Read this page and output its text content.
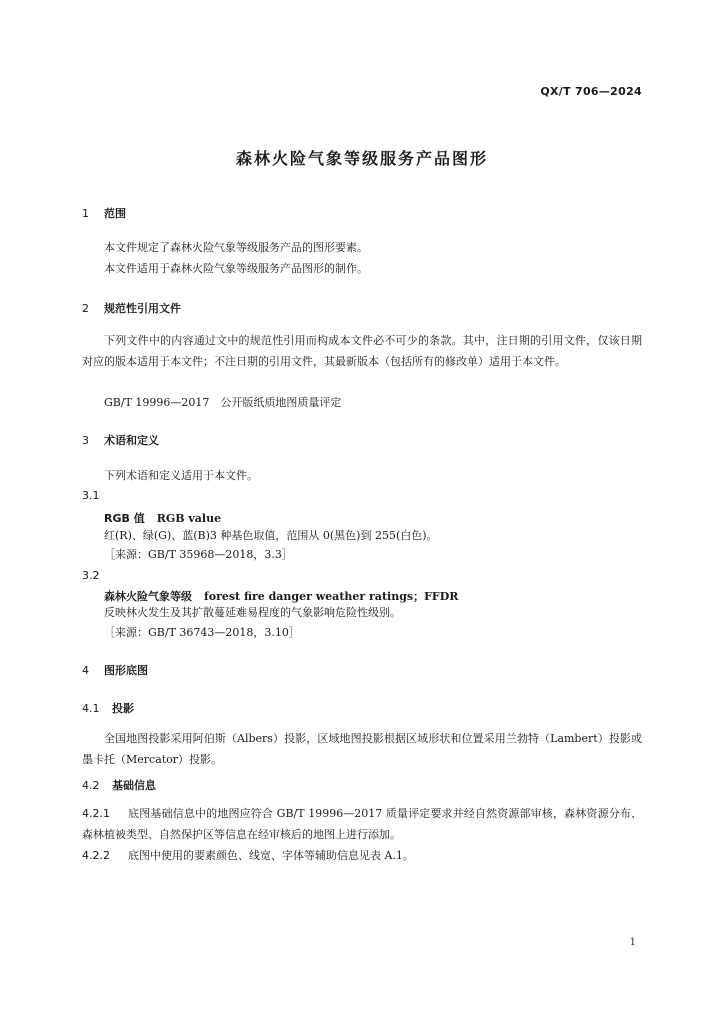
QX/T 706—2024
森林火险气象等级服务产品图形
1 范围
本文件规定了森林火险气象等级服务产品的图形要素。
本文件适用于森林火险气象等级服务产品图形的制作。
2 规范性引用文件
下列文件中的内容通过文中的规范性引用而构成本文件必不可少的条款。其中，注日期的引用文件，仅该日期对应的版本适用于本文件；不注日期的引用文件，其最新版本（包括所有的修改单）适用于本文件。
GB/T 19996—2017　公开版纸质地图质量评定
3 术语和定义
下列术语和定义适用于本文件。
3.1
RGB 值 RGB value
红(R)、绿(G)、蓝(B)3 种基色取值，范围从 0(黑色)到 255(白色)。
［来源：GB/T 35968—2018，3.3］
3.2
森林火险气象等级 forest fire danger weather ratings；FFDR
反映林火发生及其扩散蔓延难易程度的气象影响危险性级别。
［来源：GB/T 36743—2018，3.10］
4 图形底图
4.1 投影
全国地图投影采用阿伯斯（Albers）投影，区域地图投影根据区域形状和位置采用兰勃特（Lambert）投影或墨卡托（Mercator）投影。
4.2 基础信息
4.2.1 底图基础信息中的地图应符合 GB/T 19996—2017 质量评定要求并经自然资源部审核，森林资源分布、森林植被类型、自然保护区等信息在经审核后的地图上进行添加。
4.2.2 底图中使用的要素颜色、线宽、字体等辅助信息见表 A.1。
1
